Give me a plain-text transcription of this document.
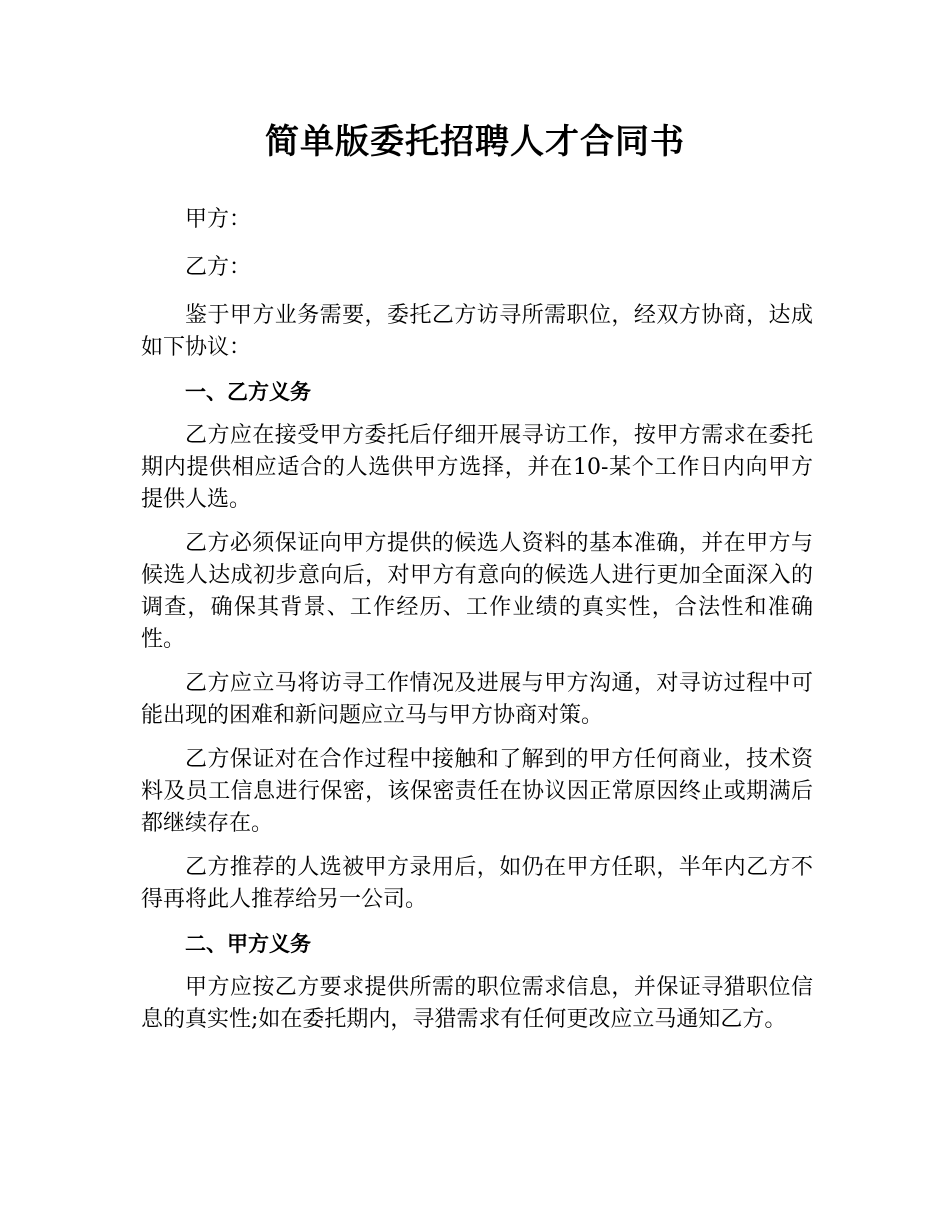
简单版委托招聘人才合同书

甲方：

乙方：

鉴于甲方业务需要，委托乙方访寻所需职位，经双方协商，达成如下协议：

一、乙方义务

乙方应在接受甲方委托后仔细开展寻访工作，按甲方需求在委托期内提供相应适合的人选供甲方选择，并在10-某个工作日内向甲方提供人选。

乙方必须保证向甲方提供的候选人资料的基本准确，并在甲方与候选人达成初步意向后，对甲方有意向的候选人进行更加全面深入的调查，确保其背景、工作经历、工作业绩的真实性，合法性和准确性。

乙方应立马将访寻工作情况及进展与甲方沟通，对寻访过程中可能出现的困难和新问题应立马与甲方协商对策。

乙方保证对在合作过程中接触和了解到的甲方任何商业，技术资料及员工信息进行保密，该保密责任在协议因正常原因终止或期满后都继续存在。

乙方推荐的人选被甲方录用后，如仍在甲方任职，半年内乙方不得再将此人推荐给另一公司。

二、甲方义务

甲方应按乙方要求提供所需的职位需求信息，并保证寻猎职位信息的真实性;如在委托期内，寻猎需求有任何更改应立马通知乙方。
